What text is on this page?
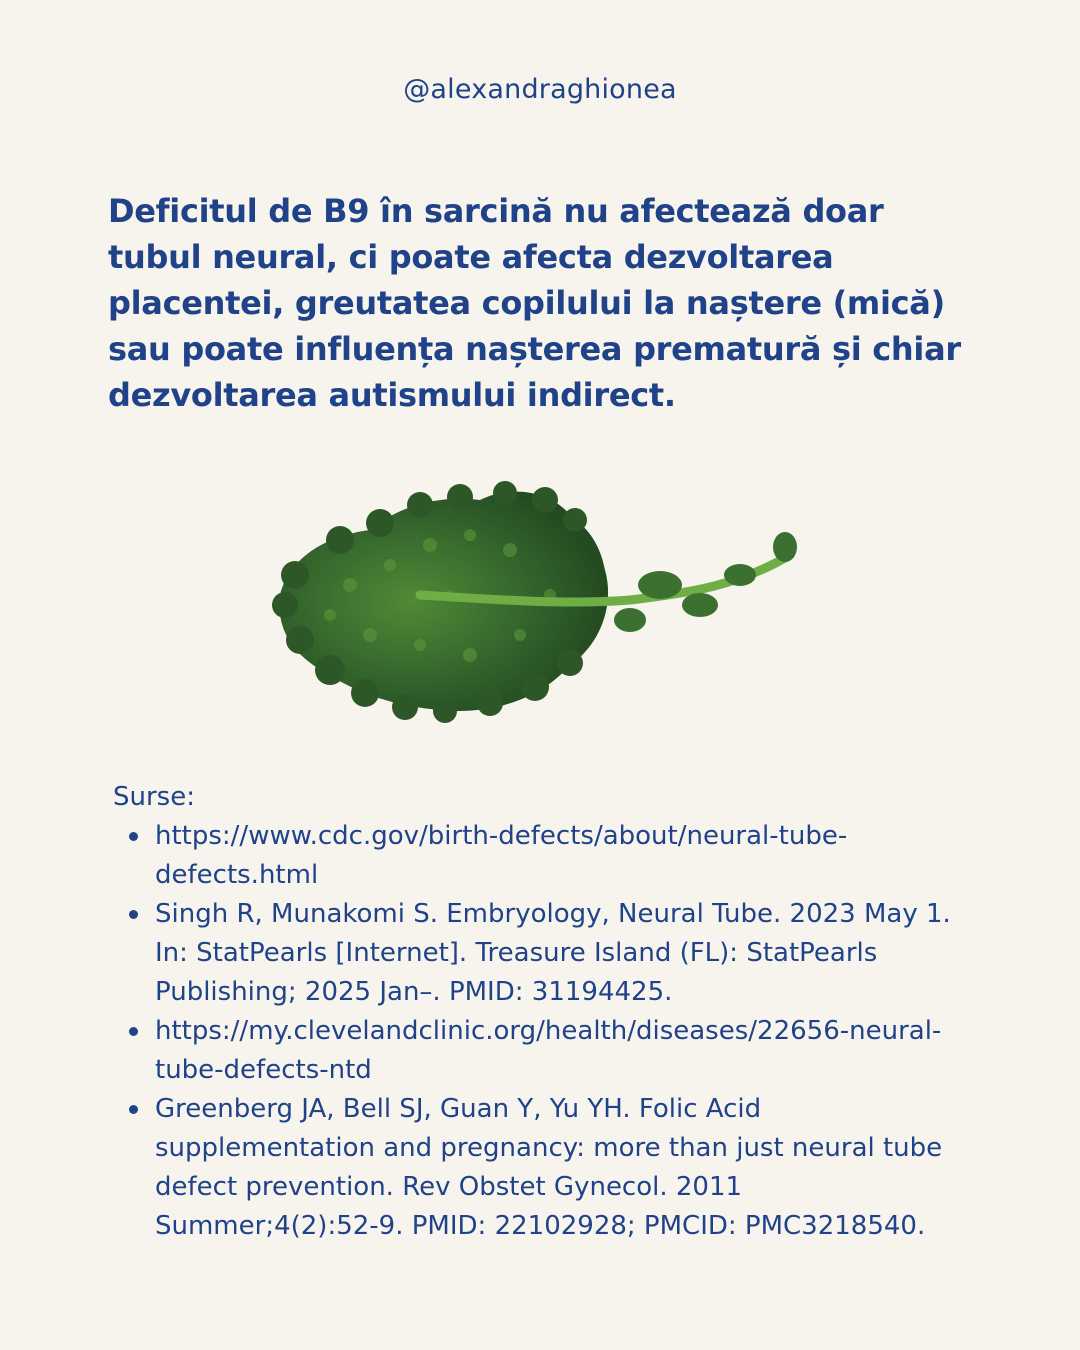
@alexandraghionea
Deficitul de B9 în sarcină nu afectează doar tubul neural, ci poate afecta dezvoltarea placentei, greutatea copilului la naștere (mică) sau poate influența nașterea prematură și chiar dezvoltarea autismului indirect.
Surse:
https://www.cdc.gov/birth-defects/about/neural-tube-defects.html
Singh R, Munakomi S. Embryology, Neural Tube. 2023 May 1. In: StatPearls [Internet]. Treasure Island (FL): StatPearls Publishing; 2025 Jan–. PMID: 31194425.
https://my.clevelandclinic.org/health/diseases/22656-neural-tube-defects-ntd
Greenberg JA, Bell SJ, Guan Y, Yu YH. Folic Acid supplementation and pregnancy: more than just neural tube defect prevention. Rev Obstet Gynecol. 2011 Summer;4(2):52-9. PMID: 22102928; PMCID: PMC3218540.
